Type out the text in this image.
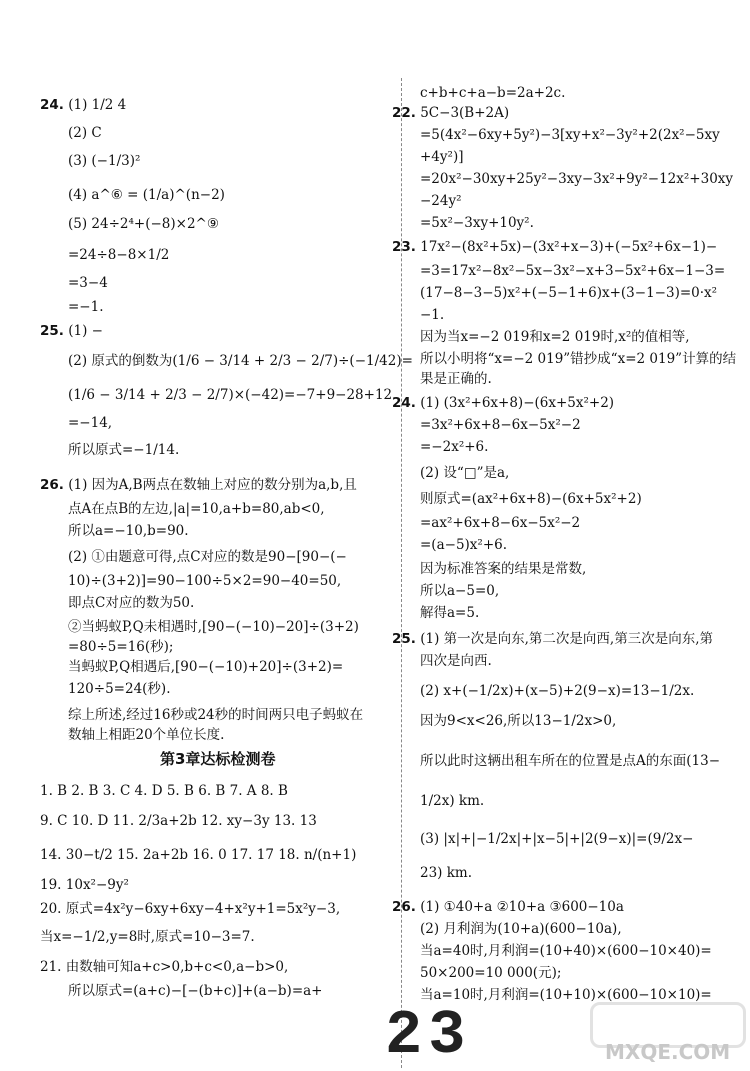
24. (1) 1/2 4
(2) C
(3) (−1/3)²
(4) a^⑥ = (1/a)^(n−2)
(5) 24÷2⁴+(−8)×2^⑨
=24÷8−8×1/2
=3−4
=−1.
25. (1) −
(2) 原式的倒数为(1/6 − 3/14 + 2/3 − 2/7)÷(−1/42)=
(1/6 − 3/14 + 2/3 − 2/7)×(−42)=−7+9−28+12
=−14,
所以原式=−1/14.
26. (1) 因为A,B两点在数轴上对应的数分别为a,b,且
点A在点B的左边,|a|=10,a+b=80,ab<0,
所以a=−10,b=90.
(2) ①由题意可得,点C对应的数是90−[90−(−
10)÷(3+2)]=90−100÷5×2=90−40=50,
即点C对应的数为50.
②当蚂蚁P,Q未相遇时,[90−(−10)−20]÷(3+2)
=80÷5=16(秒);
当蚂蚁P,Q相遇后,[90−(−10)+20]÷(3+2)=
120÷5=24(秒).
综上所述,经过16秒或24秒的时间两只电子蚂蚁在
数轴上相距20个单位长度.
第3章达标检测卷
1. B 2. B 3. C 4. D 5. B 6. B 7. A 8. B
9. C 10. D 11. 2/3a+2b 12. xy−3y 13. 13
14. 30−t/2 15. 2a+2b 16. 0 17. 17 18. n/(n+1)
19. 10x²−9y²
20. 原式=4x²y−6xy+6xy−4+x²y+1=5x²y−3,
当x=−1/2,y=8时,原式=10−3=7.
21. 由数轴可知a+c>0,b+c<0,a−b>0,
所以原式=(a+c)−[−(b+c)]+(a−b)=a+
c+b+c+a−b=2a+2c.
22. 5C−3(B+2A)
=5(4x²−6xy+5y²)−3[xy+x²−3y²+2(2x²−5xy
+4y²)]
=20x²−30xy+25y²−3xy−3x²+9y²−12x²+30xy
−24y²
=5x²−3xy+10y².
23. 17x²−(8x²+5x)−(3x²+x−3)+(−5x²+6x−1)−
=3=17x²−8x²−5x−3x²−x+3−5x²+6x−1−3=
(17−8−3−5)x²+(−5−1+6)x+(3−1−3)=0·x²
−1.
因为当x=−2 019和x=2 019时,x²的值相等,
所以小明将“x=−2 019”错抄成“x=2 019”计算的结
果是正确的.
24. (1) (3x²+6x+8)−(6x+5x²+2)
=3x²+6x+8−6x−5x²−2
=−2x²+6.
(2) 设“□”是a,
则原式=(ax²+6x+8)−(6x+5x²+2)
=ax²+6x+8−6x−5x²−2
=(a−5)x²+6.
因为标准答案的结果是常数,
所以a−5=0,
解得a=5.
25. (1) 第一次是向东,第二次是向西,第三次是向东,第
四次是向西.
(2) x+(−1/2x)+(x−5)+2(9−x)=13−1/2x.
因为9<x<26,所以13−1/2x>0,
所以此时这辆出租车所在的位置是点A的东面(13−
1/2x) km.
(3) |x|+|−1/2x|+|x−5|+|2(9−x)|=(9/2x−
23) km.
26. (1) ①40+a ②10+a ③600−10a
(2) 月利润为(10+a)(600−10a),
当a=40时,月利润=(10+40)×(600−10×40)=
50×200=10 000(元);
当a=10时,月利润=(10+10)×(600−10×10)=
23	MXQE.COM
